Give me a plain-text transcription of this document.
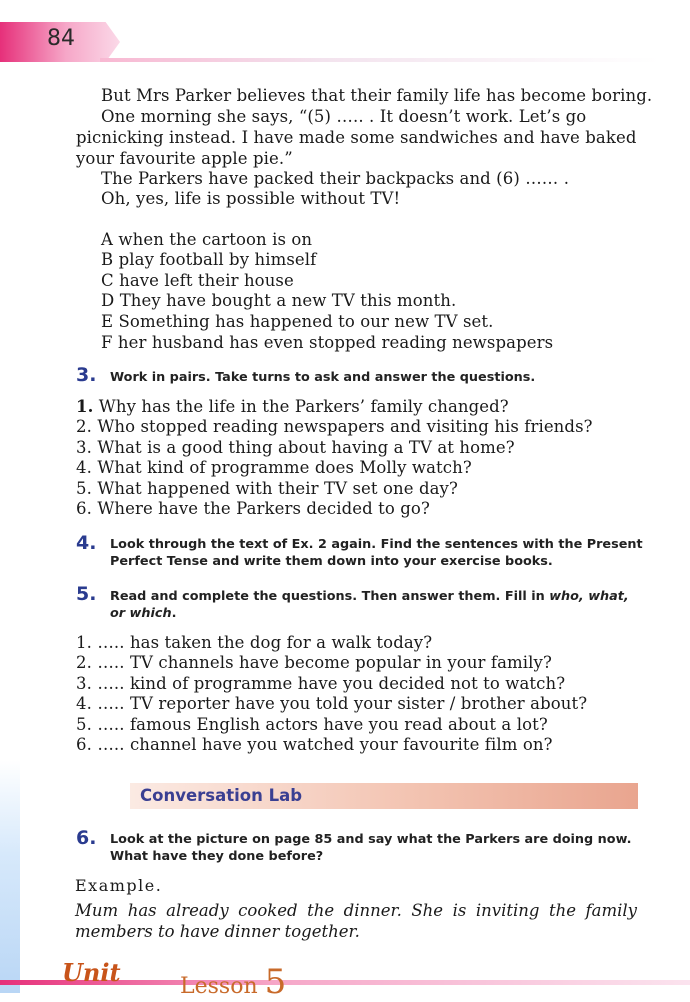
84
But Mrs Parker believes that their family life has become boring.
One morning she says, “(5) ….. . It doesn’t work. Let’s go
picnicking instead. I have made some sandwiches and have baked
your favourite apple pie.”
The Parkers have packed their backpacks and (6) …… .
Oh, yes, life is possible without TV!
A when the cartoon is on
B play football by himself
C have left their house
D They have bought a new TV this month.
E Something has happened to our new TV set.
F her husband has even stopped reading newspapers
3. Work in pairs. Take turns to ask and answer the questions.
1. Why has the life in the Parkers’ family changed?
2. Who stopped reading newspapers and visiting his friends?
3. What is a good thing about having a TV at home?
4. What kind of programme does Molly watch?
5. What happened with their TV set one day?
6. Where have the Parkers decided to go?
4. Look through the text of Ex. 2 again. Find the sentences with the Present
Perfect Tense and write them down into your exercise books.
5. Read and complete the questions. Then answer them. Fill in who, what,
or which.
1. ….. has taken the dog for a walk today?
2. ….. TV channels have become popular in your family?
3. ….. kind of programme have you decided not to watch?
4. ….. TV reporter have you told your sister / brother about?
5. ….. famous English actors have you read about a lot?
6. ….. channel have you watched your favourite film on?
Conversation Lab
6. Look at the picture on page 85 and say what the Parkers are doing now.
What have they done before?
Example.
Mum has already cooked the dinner. She is inviting the family members to have dinner together.
Unit	Lesson 5
